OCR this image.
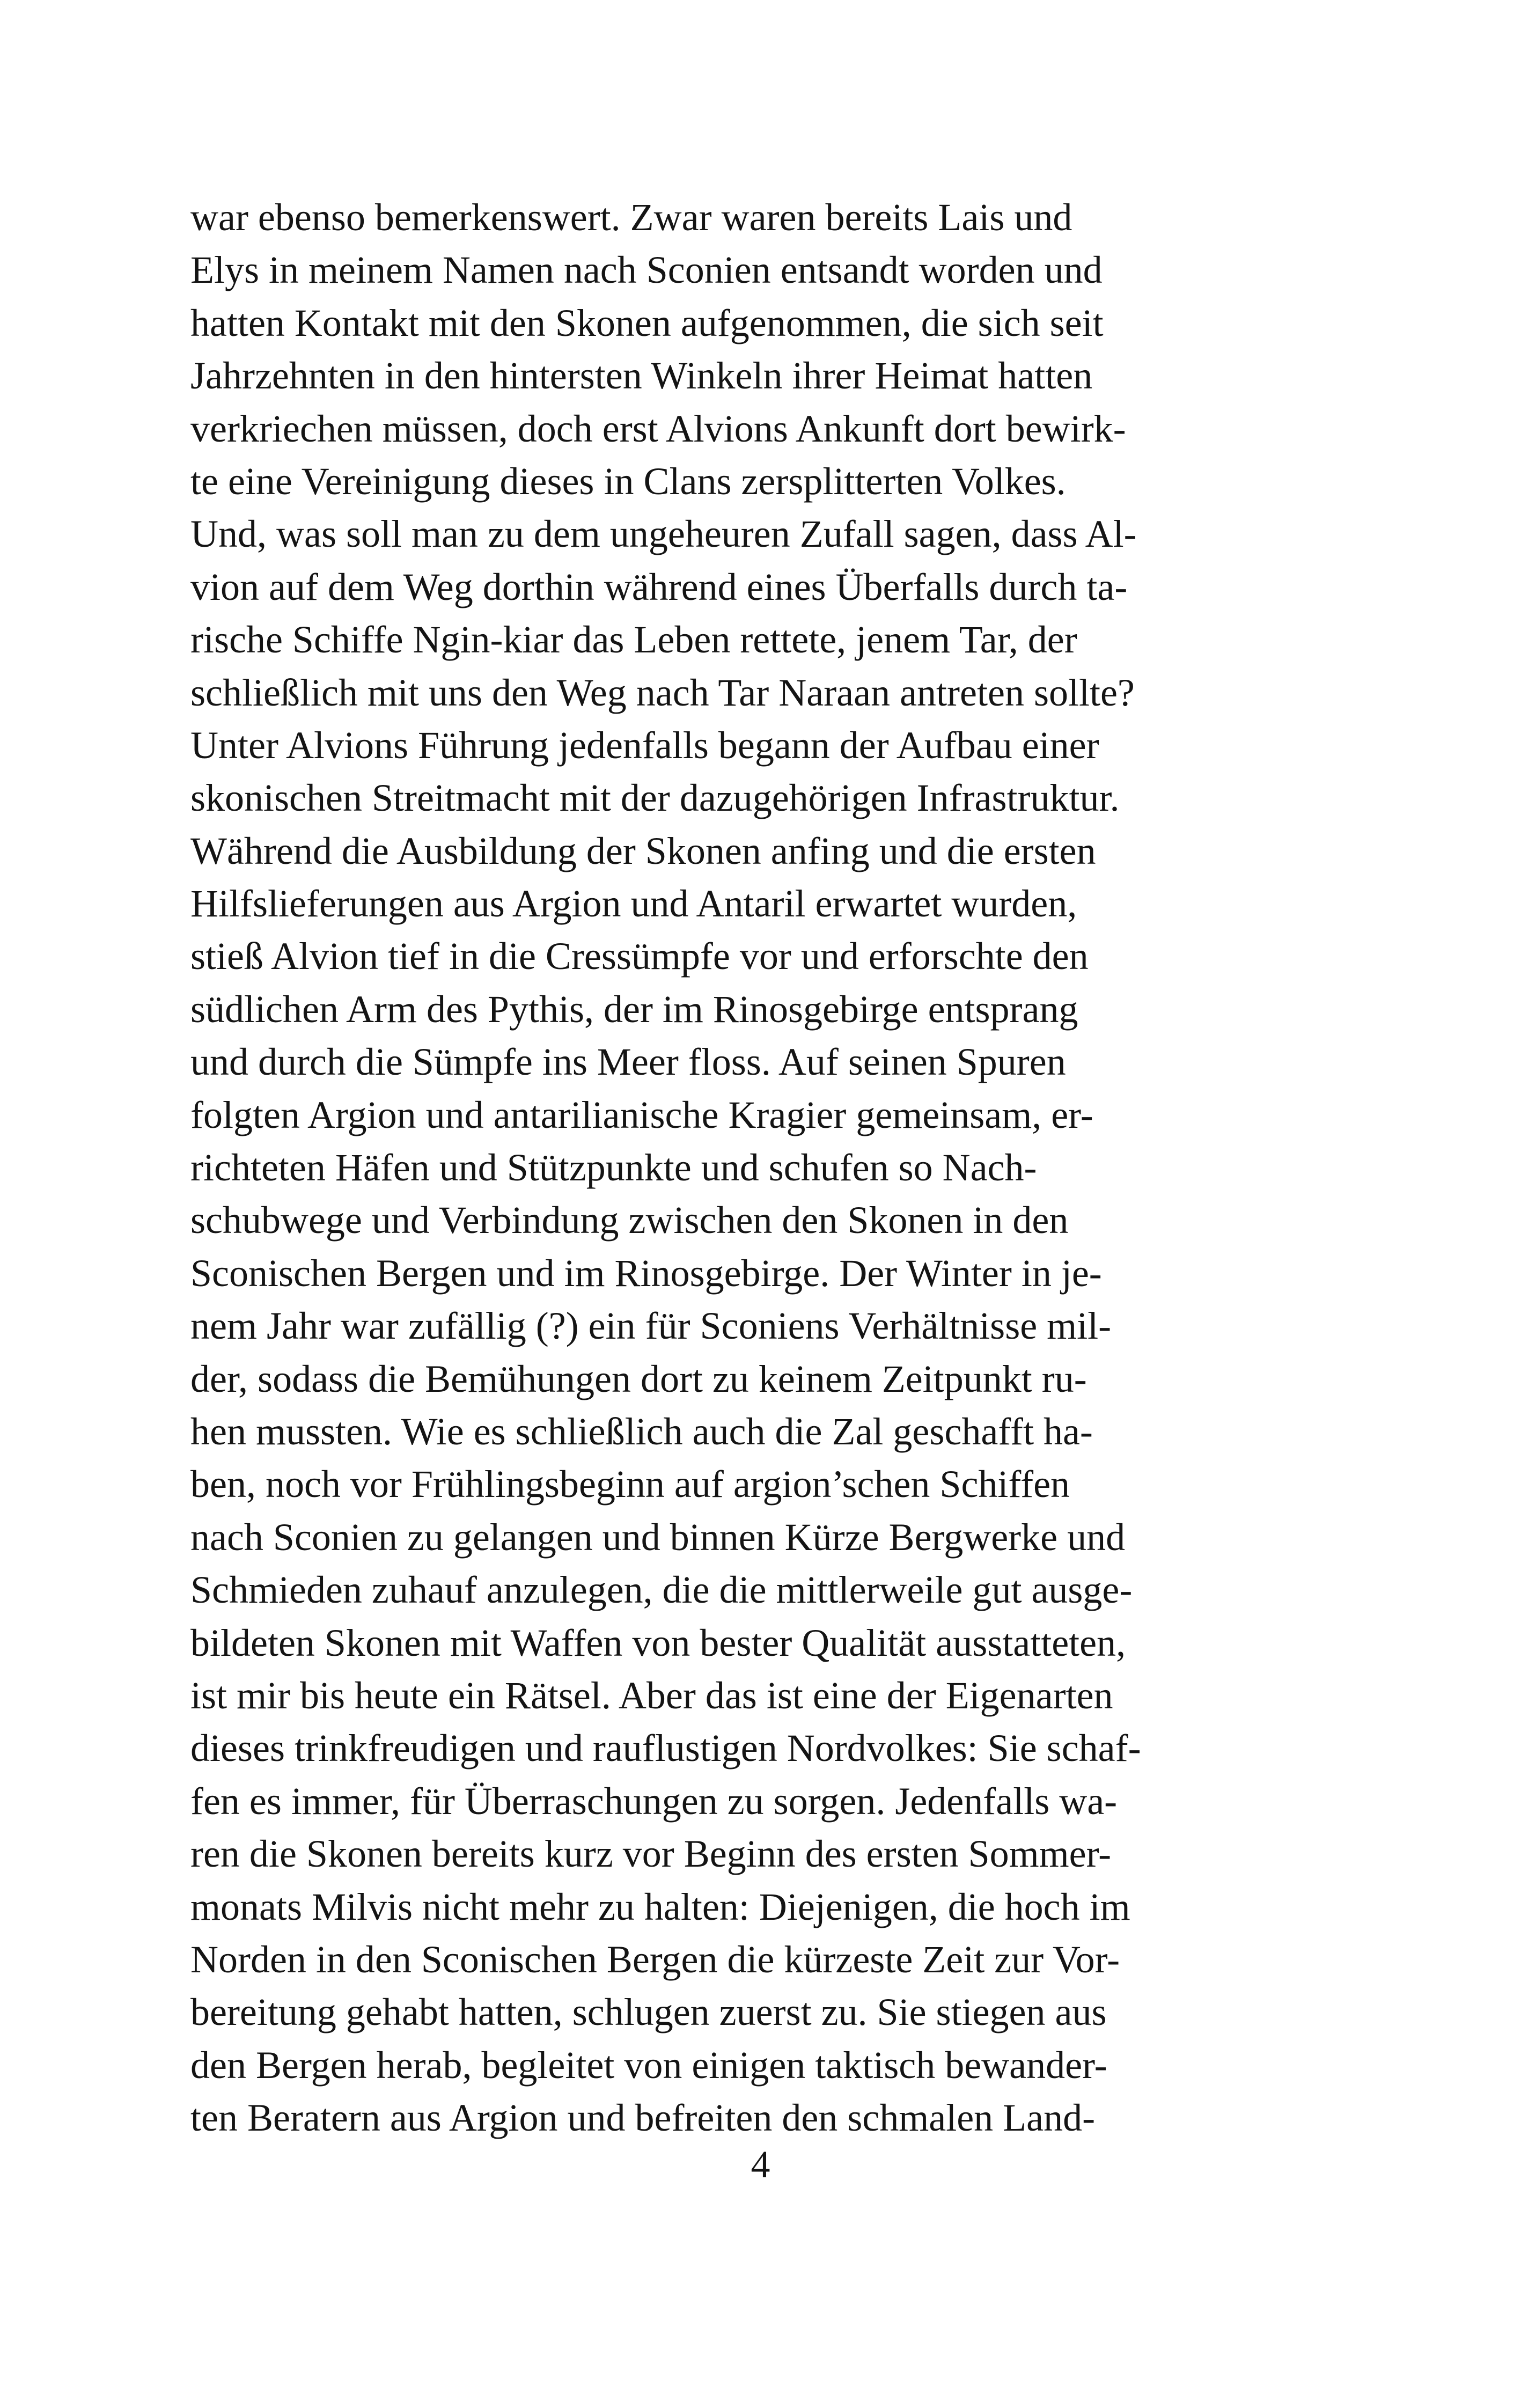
war ebenso bemerkenswert. Zwar waren bereits Lais und
Elys in meinem Namen nach Sconien entsandt worden und
hatten Kontakt mit den Skonen aufgenommen, die sich seit
Jahrzehnten in den hintersten Winkeln ihrer Heimat hatten
verkriechen müssen, doch erst Alvions Ankunft dort bewirk-
te eine Vereinigung dieses in Clans zersplitterten Volkes.
Und, was soll man zu dem ungeheuren Zufall sagen, dass Al-
vion auf dem Weg dorthin während eines Überfalls durch ta-
rische Schiffe Ngin-kiar das Leben rettete, jenem Tar, der
schließlich mit uns den Weg nach Tar Naraan antreten sollte?
Unter Alvions Führung jedenfalls begann der Aufbau einer
skonischen Streitmacht mit der dazugehörigen Infrastruktur.
Während die Ausbildung der Skonen anfing und die ersten
Hilfslieferungen aus Argion und Antaril erwartet wurden,
stieß Alvion tief in die Cressümpfe vor und erforschte den
südlichen Arm des Pythis, der im Rinosgebirge entsprang
und durch die Sümpfe ins Meer floss. Auf seinen Spuren
folgten Argion und antarilianische Kragier gemeinsam, er-
richteten Häfen und Stützpunkte und schufen so Nach-
schubwege und Verbindung zwischen den Skonen in den
Sconischen Bergen und im Rinosgebirge. Der Winter in je-
nem Jahr war zufällig (?) ein für Sconiens Verhältnisse mil-
der, sodass die Bemühungen dort zu keinem Zeitpunkt ru-
hen mussten. Wie es schließlich auch die Zal geschafft ha-
ben, noch vor Frühlingsbeginn auf argion’schen Schiffen
nach Sconien zu gelangen und binnen Kürze Bergwerke und
Schmieden zuhauf anzulegen, die die mittlerweile gut ausge-
bildeten Skonen mit Waffen von bester Qualität ausstatteten,
ist mir bis heute ein Rätsel. Aber das ist eine der Eigenarten
dieses trinkfreudigen und rauflustigen Nordvolkes: Sie schaf-
fen es immer, für Überraschungen zu sorgen. Jedenfalls wa-
ren die Skonen bereits kurz vor Beginn des ersten Sommer-
monats Milvis nicht mehr zu halten: Diejenigen, die hoch im
Norden in den Sconischen Bergen die kürzeste Zeit zur Vor-
bereitung gehabt hatten, schlugen zuerst zu. Sie stiegen aus
den Bergen herab, begleitet von einigen taktisch bewander-
ten Beratern aus Argion und befreiten den schmalen Land-
4
